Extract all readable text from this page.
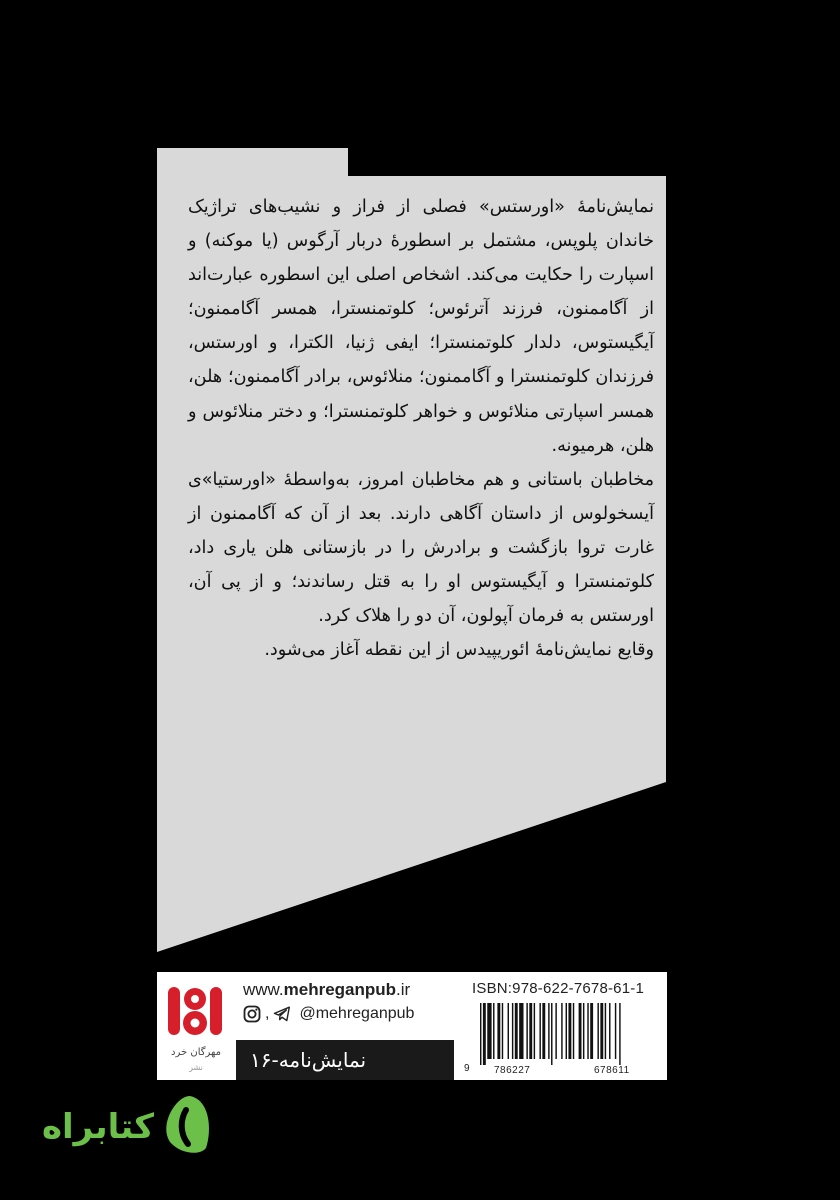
نمایش‌نامهٔ «اورستس» فصلی از فراز و نشیب‌های تراژیک خاندان پلوپس، مشتمل بر اسطورهٔ دربار آرگوس (یا موکنه) و اسپارت را حکایت می‌کند. اشخاص اصلی این اسطوره عبارت‌اند از آگاممنون، فرزند آترئوس؛ کلوتمنسترا، همسر آگاممنون؛ آیگیستوس، دلدار کلوتمنسترا؛ ایفی ژنیا، الکترا، و اورستس، فرزندان کلوتمنسترا و آگاممنون؛ منلائوس، برادر آگاممنون؛ هلن، همسر اسپارتی منلائوس و خواهر کلوتمنسترا؛ و دختر منلائوس و هلن، هرمیونه.

مخاطبان باستانی و هم مخاطبان امروز، به‌واسطهٔ «اورستیا»ی آیسخولوس از داستان آگاهی دارند. بعد از آن که آگاممنون از غارت تروا بازگشت و برادرش را در بازستانی هلن یاری داد، کلوتمنسترا و آیگیستوس او را به قتل رساندند؛ و از پی آن، اورستس به فرمان آپولون، آن دو را هلاک کرد.

وقایع نمایش‌نامهٔ ائوریپیدس از این نقطه آغاز می‌شود.

مهرگان خرد
نشر
www.mehreganpub.ir
, @mehreganpub
نمایش‌نامه-۱۶
ISBN:978-622-7678-61-1
9 786227	678611
کتابراه
